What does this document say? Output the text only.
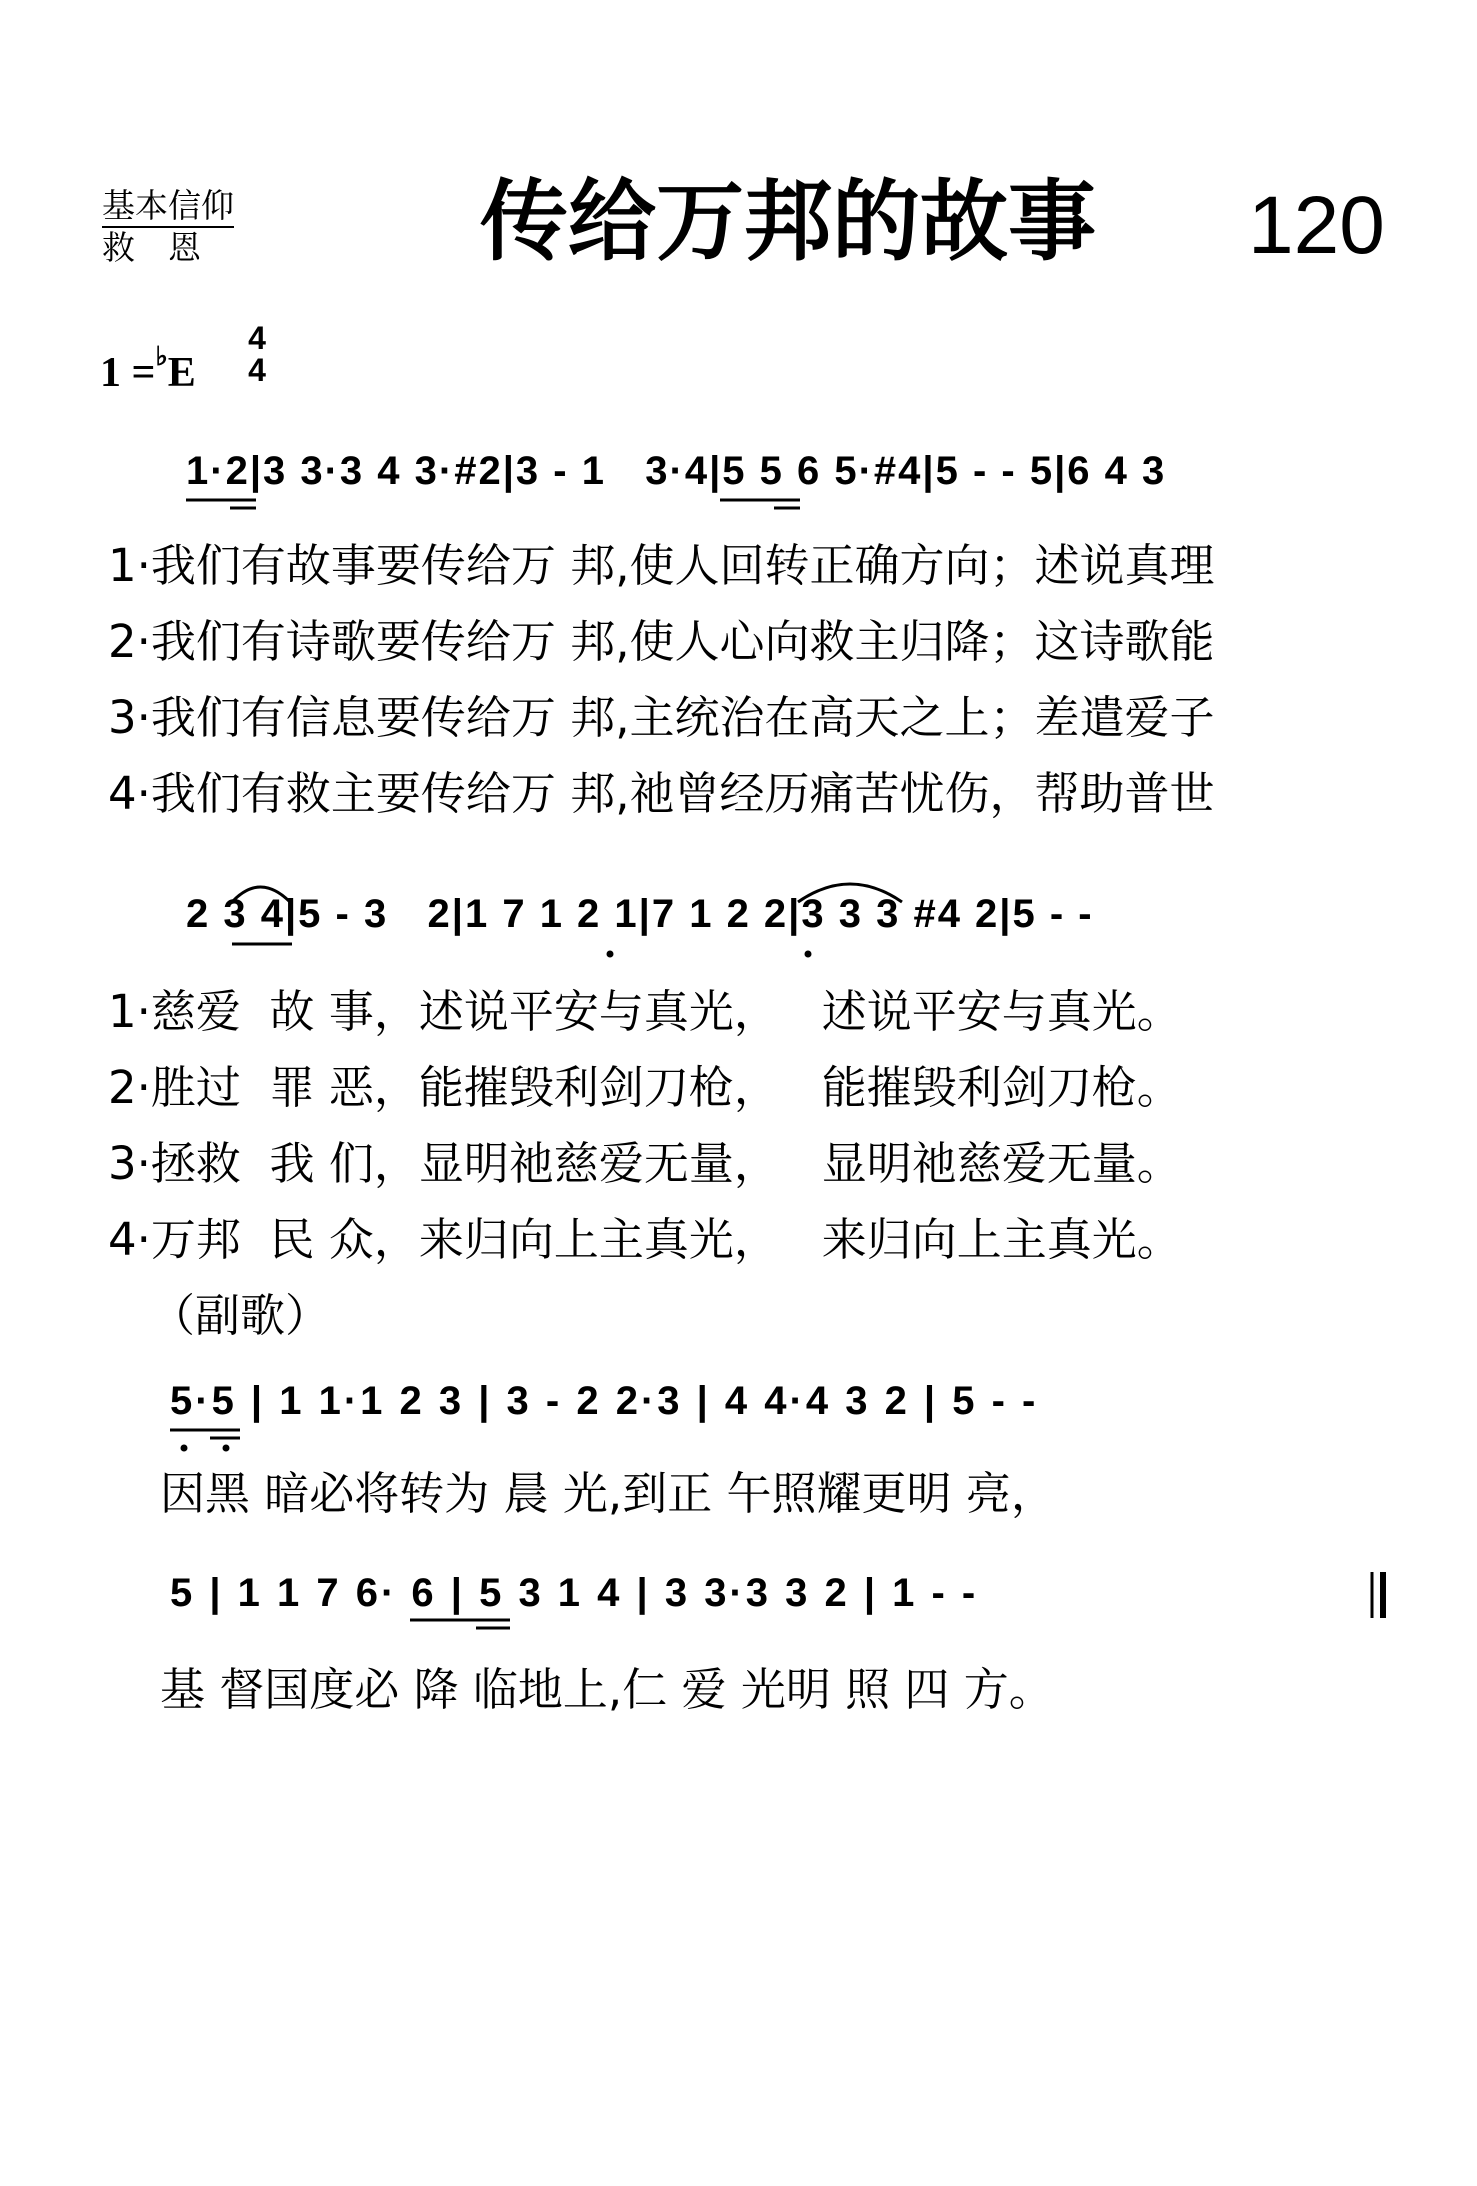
基本信仰
救　恩	传给万邦的故事 120
1 =♭E
4
4
1·2|3 3·3 4 3·#2|3 - 1   3·4|5 5 6 5·#4|5 - - 5|6 4 3
1·我们有故事要传给万 邦,使人回转正确方向；述说真理
2·我们有诗歌要传给万 邦,使人心向救主归降；这诗歌能
3·我们有信息要传给万 邦,主统治在高天之上；差遣爱子
4·我们有救主要传给万 邦,祂曾经历痛苦忧伤，帮助普世
2 3 4|5 - 3   2|1 7 1 2 1|7 1 2 2|3 3 3 #4 2|5 - -
1·慈爱  故 事，述说平安与真光，   述说平安与真光。
2·胜过  罪 恶，能摧毁利剑刀枪，   能摧毁利剑刀枪。
3·拯救  我 们，显明祂慈爱无量，   显明祂慈爱无量。
4·万邦  民 众，来归向上主真光，   来归向上主真光。
（副歌）
5·5 | 1 1·1 2 3 | 3 - 2 2·3 | 4 4·4 3 2 | 5 - -
因黑 暗必将转为 晨 光,到正 午照耀更明 亮，
5 | 1 1 7 6· 6 | 5 3 1 4 | 3 3·3 3 2 | 1 - -
基 督国度必 降 临地上,仁 爱 光明 照 四 方。
